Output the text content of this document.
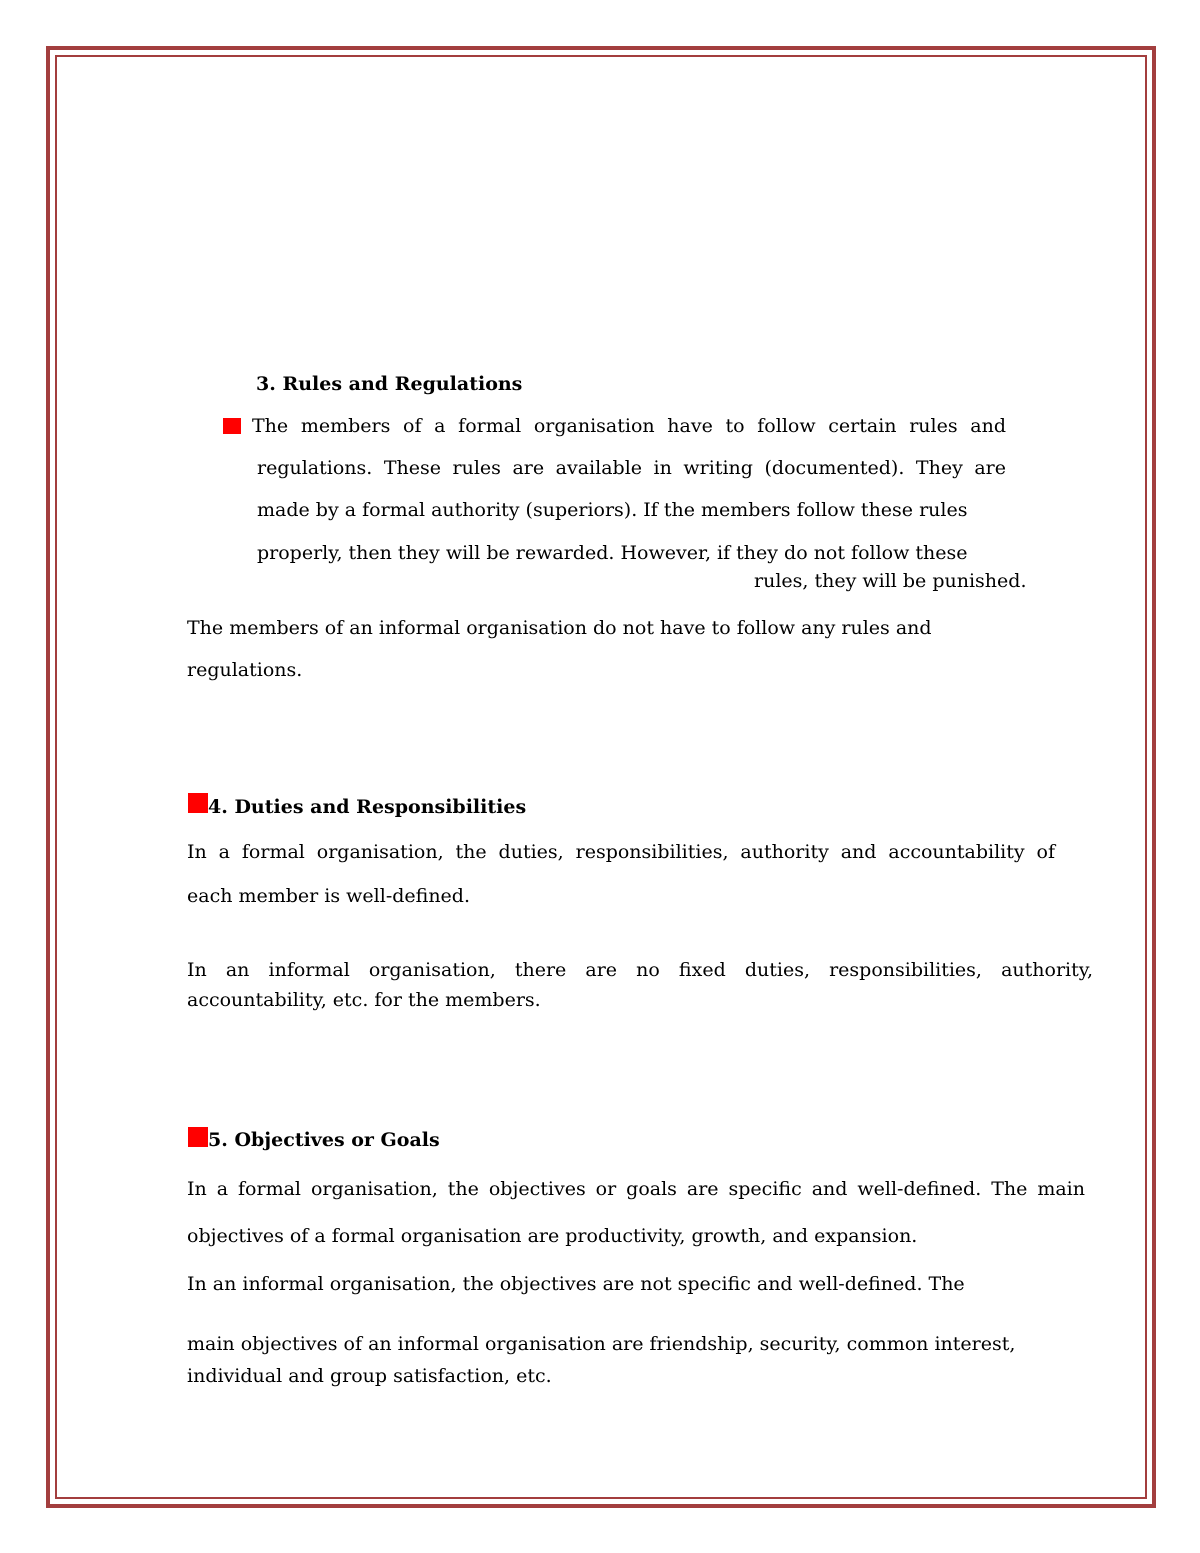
3. Rules and Regulations
The members of a formal organisation have to follow certain rules and
regulations. These rules are available in writing (documented). They are
made by a formal authority (superiors). If the members follow these rules
properly, then they will be rewarded. However, if they do not follow these
rules, they will be punished.
The members of an informal organisation do not have to follow any rules and
regulations.
4. Duties and Responsibilities
In a formal organisation, the duties, responsibilities, authority and accountability of
each member is well-defined.
In an informal organisation, there are no fixed duties, responsibilities, authority,
accountability, etc. for the members.
5. Objectives or Goals
In a formal organisation, the objectives or goals are specific and well-defined. The main
objectives of a formal organisation are productivity, growth, and expansion.
In an informal organisation, the objectives are not specific and well-defined. The
main objectives of an informal organisation are friendship, security, common interest,
individual and group satisfaction, etc.
